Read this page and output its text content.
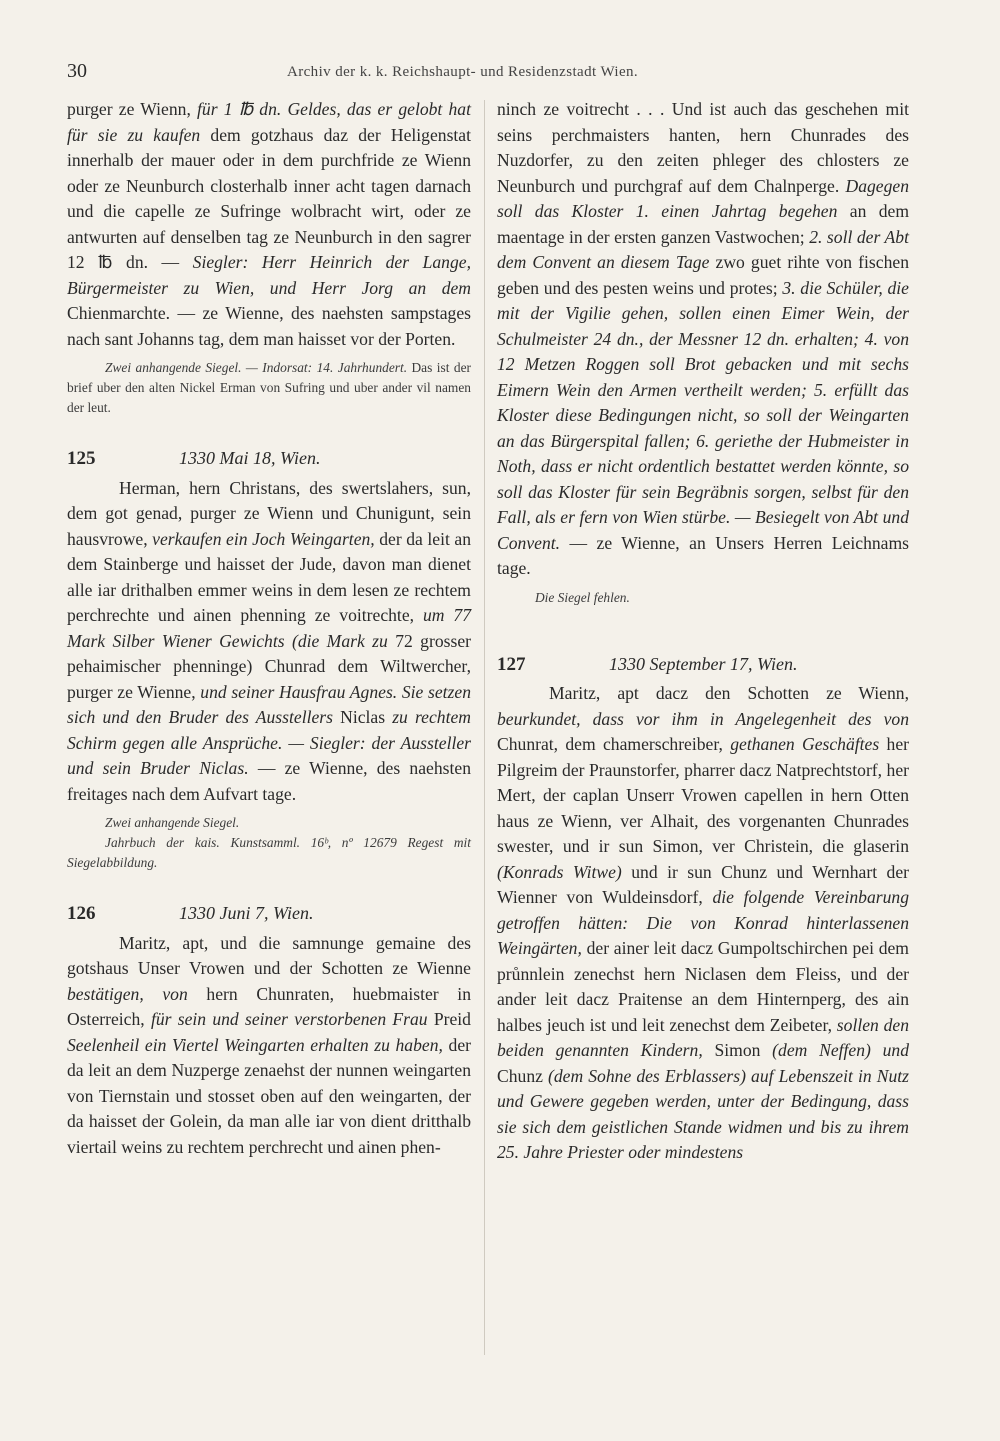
30	Archiv der k. k. Reichshaupt- und Residenzstadt Wien.

purger ze Wienn, für 1 ℔ dn. Geldes, das er gelobt hat für sie zu kaufen dem gotzhaus daz der Heligenstat innerhalb der mauer oder in dem purchfride ze Wienn oder ze Neunburch closterhalb inner acht tagen darnach und die capelle ze Sufringe wolbracht wirt, oder ze antwurten auf denselben tag ze Neunburch in den sagrer 12 ℔ dn. — Siegler: Herr Heinrich der Lange, Bürgermeister zu Wien, und Herr Jorg an dem Chienmarchte. — ze Wienne, des naehsten sampstages nach sant Johanns tag, dem man haisset vor der Porten.

Zwei anhangende Siegel. — Indorsat: 14. Jahrhundert. Das ist der brief uber den alten Nickel Erman von Sufring und uber ander vil namen der leut.

125	1330 Mai 18, Wien.

Herman, hern Christans, des swertslahers, sun, dem got genad, purger ze Wienn und Chunigunt, sein hausvrowe, verkaufen ein Joch Weingarten, der da leit an dem Stainberge und haisset der Jude, davon man dienet alle iar drithalben emmer weins in dem lesen ze rechtem perchrechte und ainen phenning ze voitrechte, um 77 Mark Silber Wiener Gewichts (die Mark zu 72 grosser pehaimischer phenninge) Chunrad dem Wiltwercher, purger ze Wienne, und seiner Hausfrau Agnes. Sie setzen sich und den Bruder des Ausstellers Niclas zu rechtem Schirm gegen alle Ansprüche. — Siegler: der Aussteller und sein Bruder Niclas. — ze Wienne, des naehsten freitages nach dem Aufvart tage.

Zwei anhangende Siegel.

Jahrbuch der kais. Kunstsamml. 16ᵇ, nº 12679 Regest mit Siegelabbildung.

126	1330 Juni 7, Wien.

Maritz, apt, und die samnunge gemaine des gotshaus Unser Vrowen und der Schotten ze Wienne bestätigen, von hern Chunraten, huebmaister in Osterreich, für sein und seiner verstorbenen Frau Preid Seelenheil ein Viertel Weingarten erhalten zu haben, der da leit an dem Nuzperge zenaehst der nunnen weingarten von Tiernstain und stosset oben auf den weingarten, der da haisset der Golein, da man alle iar von dient dritthalb viertail weins zu rechtem perchrecht und ainen phen-

ninch ze voitrecht . . . Und ist auch das geschehen mit seins perchmaisters hanten, hern Chunrades des Nuzdorfer, zu den zeiten phleger des chlosters ze Neunburch und purchgraf auf dem Chalnperge. Dagegen soll das Kloster 1. einen Jahrtag begehen an dem maentage in der ersten ganzen Vastwochen; 2. soll der Abt dem Convent an diesem Tage zwo guet rihte von fischen geben und des pesten weins und protes; 3. die Schüler, die mit der Vigilie gehen, sollen einen Eimer Wein, der Schulmeister 24 dn., der Messner 12 dn. erhalten; 4. von 12 Metzen Roggen soll Brot gebacken und mit sechs Eimern Wein den Armen vertheilt werden; 5. erfüllt das Kloster diese Bedingungen nicht, so soll der Weingarten an das Bürgerspital fallen; 6. geriethe der Hubmeister in Noth, dass er nicht ordentlich bestattet werden könnte, so soll das Kloster für sein Begräbnis sorgen, selbst für den Fall, als er fern von Wien stürbe. — Besiegelt von Abt und Convent. — ze Wienne, an Unsers Herren Leichnams tage.

Die Siegel fehlen.

127	1330 September 17, Wien.

Maritz, apt dacz den Schotten ze Wienn, beurkundet, dass vor ihm in Angelegenheit des von Chunrat, dem chamerschreiber, gethanen Geschäftes her Pilgreim der Praunstorfer, pharrer dacz Natprechtstorf, her Mert, der caplan Unserr Vrowen capellen in hern Otten haus ze Wienn, ver Alhait, des vorgenanten Chunrades swester, und ir sun Simon, ver Christein, die glaserin (Konrads Witwe) und ir sun Chunz und Wernhart der Wienner von Wuldeinsdorf, die folgende Vereinbarung getroffen hätten: Die von Konrad hinterlassenen Weingärten, der ainer leit dacz Gumpoltschirchen pei dem průnnlein zenechst hern Niclasen dem Fleiss, und der ander leit dacz Praitense an dem Hinternperg, des ain halbes jeuch ist und leit zenechst dem Zeibeter, sollen den beiden genannten Kindern, Simon (dem Neffen) und Chunz (dem Sohne des Erblassers) auf Lebenszeit in Nutz und Gewere gegeben werden, unter der Bedingung, dass sie sich dem geistlichen Stande widmen und bis zu ihrem 25. Jahre Priester oder mindestens
